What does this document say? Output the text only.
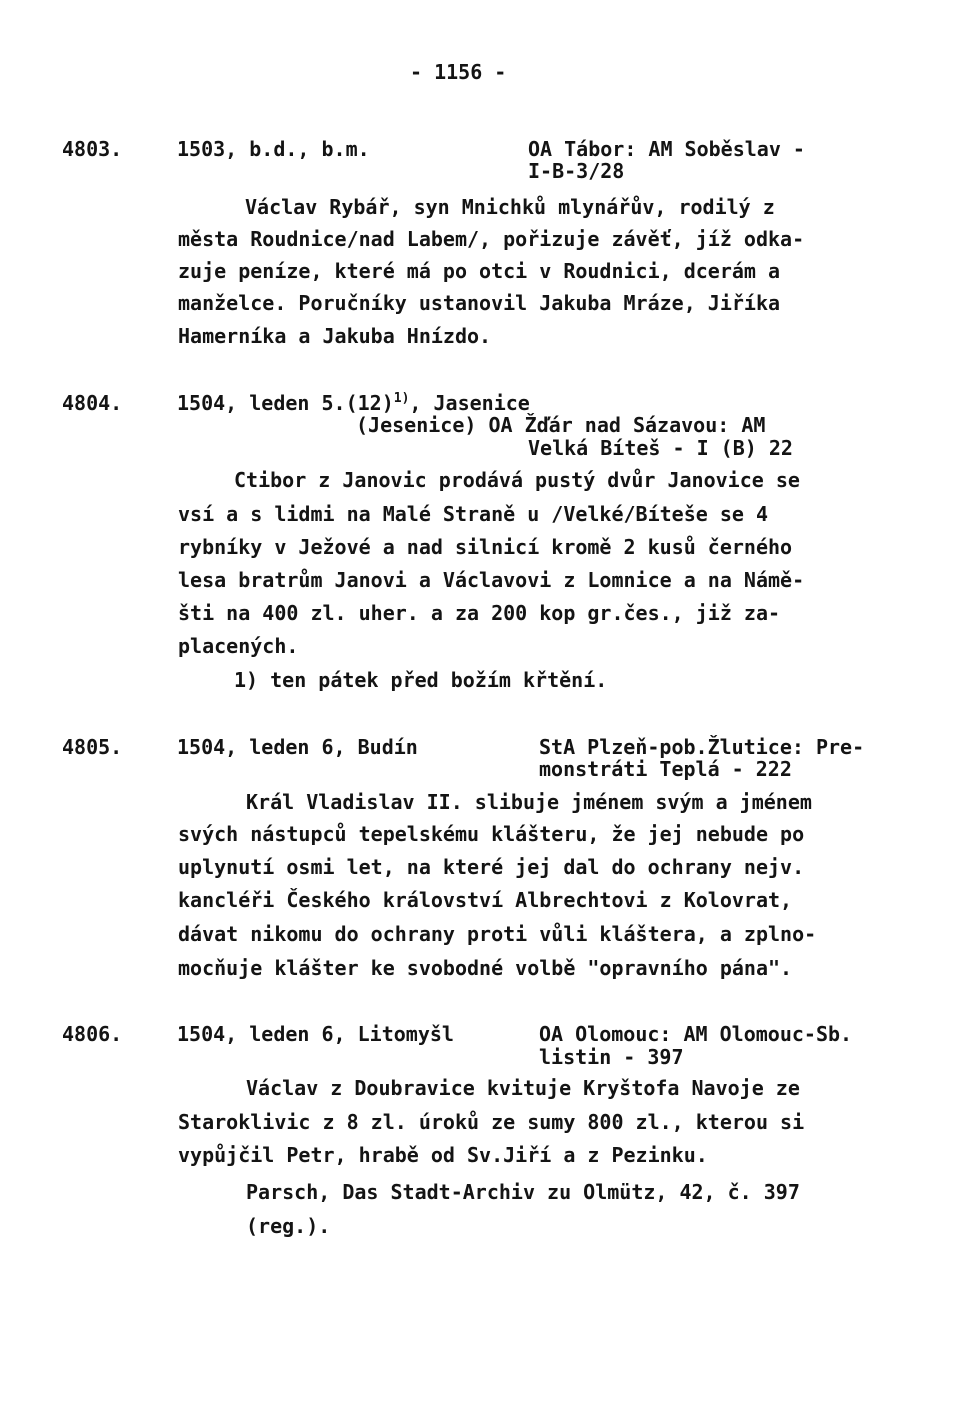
- 1156 -
4803.	1503, b.d., b.m.	OA Tábor: AM Soběslav -
I-B-3/28
Václav Rybář, syn Mnichků mlynářův, rodilý z
města Roudnice/nad Labem/, pořizuje závěť, jíž odka-
zuje peníze, které má po otci v Roudnici, dcerám a
manželce. Poručníky ustanovil Jakuba Mráze, Jiříka
Hamerníka a Jakuba Hnízdo.
4804.	1504, leden 5.(12)$^{1)}$, Jasenice
(Jesenice) OA Žďár nad Sázavou: AM
Velká Bíteš - I (B) 22
Ctibor z Janovic prodává pustý dvůr Janovice se
vsí a s lidmi na Malé Straně u /Velké/Bíteše se 4
rybníky v Ježové a nad silnicí kromě 2 kusů černého
lesa bratrům Janovi a Václavovi z Lomnice a na Námě-
šti na 400 zl. uher. a za 200 kop gr.čes., již za-
placených.
1) ten pátek před božím křtění.
4805.	1504, leden 6, Budín	StA Plzeň-pob.Žlutice: Pre-
monstráti Teplá - 222
Král Vladislav II. slibuje jménem svým a jménem
svých nástupců tepelskému klášteru, že jej nebude po
uplynutí osmi let, na které jej dal do ochrany nejv.
kancléři Českého království Albrechtovi z Kolovrat,
dávat nikomu do ochrany proti vůli kláštera, a zplno-
mocňuje klášter ke svobodné volbě "opravního pána".
4806.	1504, leden 6, Litomyšl	OA Olomouc: AM Olomouc-Sb.
listin - 397
Václav z Doubravice kvituje Kryštofa Navoje ze
Staroklivic z 8 zl. úroků ze sumy 800 zl., kterou si
vypůjčil Petr, hrabě od Sv.Jiří a z Pezinku.
Parsch, Das Stadt-Archiv zu Olmütz, 42, č. 397
(reg.).
